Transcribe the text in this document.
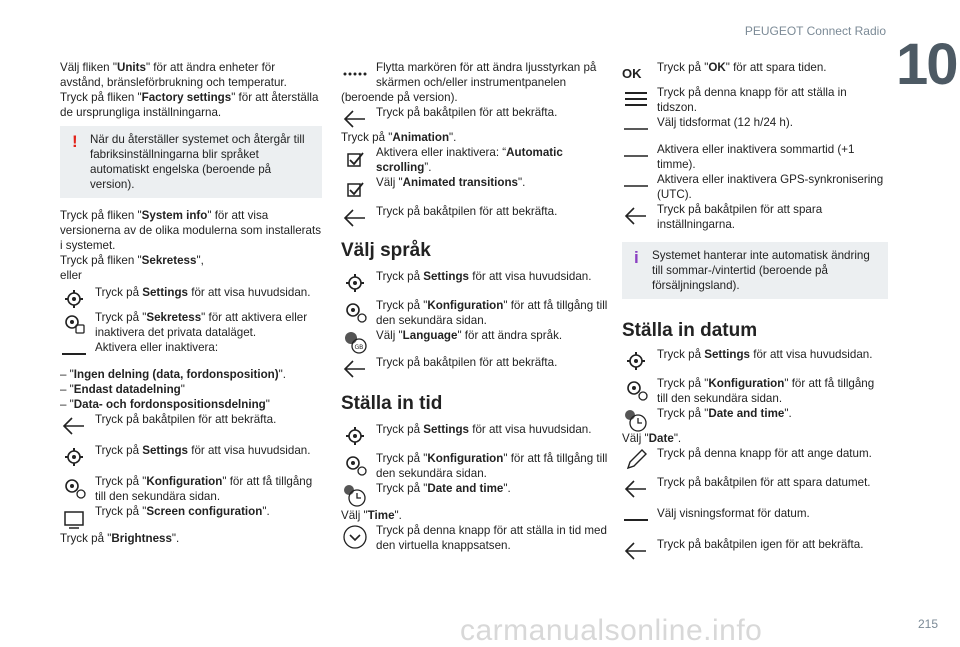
PEUGEOT Connect Radio
10

Välj fliken "Units" för att ändra enheter för avstånd, bränsleförbrukning och temperatur.

Tryck på fliken "Factory settings" för att återställa de ursprungliga inställningarna.

! När du återställer systemet och återgår till fabriksinställningarna blir språket automatiskt engelska (beroende på version).

Tryck på fliken "System info" för att visa versionerna av de olika modulerna som installerats i systemet.

Tryck på fliken "Sekretess",

eller

Tryck på Settings för att visa huvudsidan.

Tryck på "Sekretess" för att aktivera eller inaktivera det privata dataläget.

Aktivera eller inaktivera:

– "Ingen delning (data, fordonsposition)".

– "Endast datadelning"

– "Data- och fordonspositionsdelning"

Tryck på bakåtpilen för att bekräfta.

Tryck på Settings för att visa huvudsidan.

Tryck på "Konfiguration" för att få tillgång till den sekundära sidan.

Tryck på "Screen configuration".

Tryck på "Brightness".

Flytta markören för att ändra ljusstyrkan på skärmen och/eller instrumentpanelen

(beroende på version).

Tryck på bakåtpilen för att bekräfta.

Tryck på "Animation".

Aktivera eller inaktivera: “Automatic scrolling”.

Välj "Animated transitions".

Tryck på bakåtpilen för att bekräfta.

Välj språk

Tryck på Settings för att visa huvudsidan.

Tryck på "Konfiguration" för att få tillgång till den sekundära sidan.

GB

Välj "Language" för att ändra språk.

Tryck på bakåtpilen för att bekräfta.

Ställa in tid

Tryck på Settings för att visa huvudsidan.

Tryck på "Konfiguration" för att få tillgång till den sekundära sidan.

Tryck på "Date and time".

Välj "Time".

Tryck på denna knapp för att ställa in tid med den virtuella knappsatsen.

OK	Tryck på "OK" för att spara tiden.

Tryck på denna knapp för att ställa in tidszon.

Välj tidsformat (12 h/24 h).

Aktivera eller inaktivera sommartid (+1 timme).

Aktivera eller inaktivera GPS-synkronisering (UTC).

Tryck på bakåtpilen för att spara inställningarna.

i Systemet hanterar inte automatisk ändring till sommar-/vintertid (beroende på försäljningsland).
Ställa in datum

Tryck på Settings för att visa huvudsidan.

Tryck på "Konfiguration" för att få tillgång till den sekundära sidan.

Tryck på "Date and time".

Välj "Date".

Tryck på denna knapp för att ange datum.

Tryck på bakåtpilen för att spara datumet.

Välj visningsformat för datum.

Tryck på bakåtpilen igen för att bekräfta.

carmanualsonline.info	215
